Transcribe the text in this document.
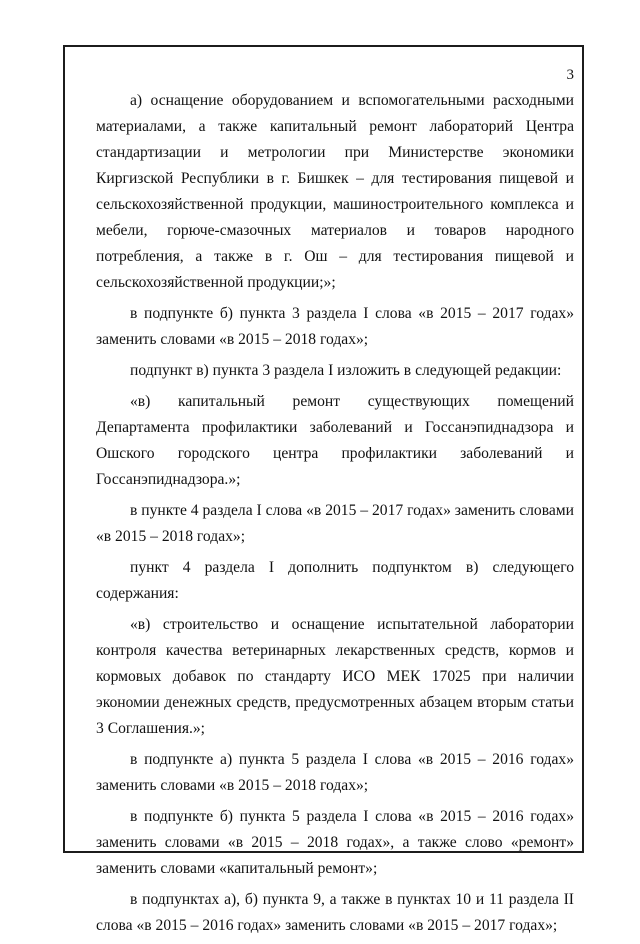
3

а) оснащение оборудованием и вспомогательными расходными материалами, а также капитальный ремонт лабораторий Центра стандартизации и метрологии при Министерстве экономики Киргизской Республики в г. Бишкек – для тестирования пищевой и сельскохозяйственной продукции, машиностроительного комплекса и мебели, горюче-смазочных материалов и товаров народного потребления, а также в г. Ош – для тестирования пищевой и сельскохозяйственной продукции;»;

в подпункте б) пункта 3 раздела I слова «в 2015 – 2017 годах» заменить словами «в 2015 – 2018 годах»;

подпункт в) пункта 3 раздела I изложить в следующей редакции:

«в) капитальный ремонт существующих помещений Департамента профилактики заболеваний и Госсанэпиднадзора и Ошского городского центра профилактики заболеваний и Госсанэпиднадзора.»;

в пункте 4 раздела I слова «в 2015 – 2017 годах» заменить словами «в 2015 – 2018 годах»;

пункт 4 раздела I дополнить подпунктом в) следующего содержания:

«в) строительство и оснащение испытательной лаборатории контроля качества ветеринарных лекарственных средств, кормов и кормовых добавок по стандарту ИСО МЕК 17025 при наличии экономии денежных средств, предусмотренных абзацем вторым статьи 3 Соглашения.»;

в подпункте а) пункта 5 раздела I слова «в 2015 – 2016 годах» заменить словами «в 2015 – 2018 годах»;

в подпункте б) пункта 5 раздела I слова «в 2015 – 2016 годах» заменить словами «в 2015 – 2018 годах», а также слово «ремонт» заменить словами «капитальный ремонт»;

в подпунктах а), б) пункта 9, а также в пунктах 10 и 11 раздела II слова «в 2015 – 2016 годах» заменить словами «в 2015 – 2017 годах»;
